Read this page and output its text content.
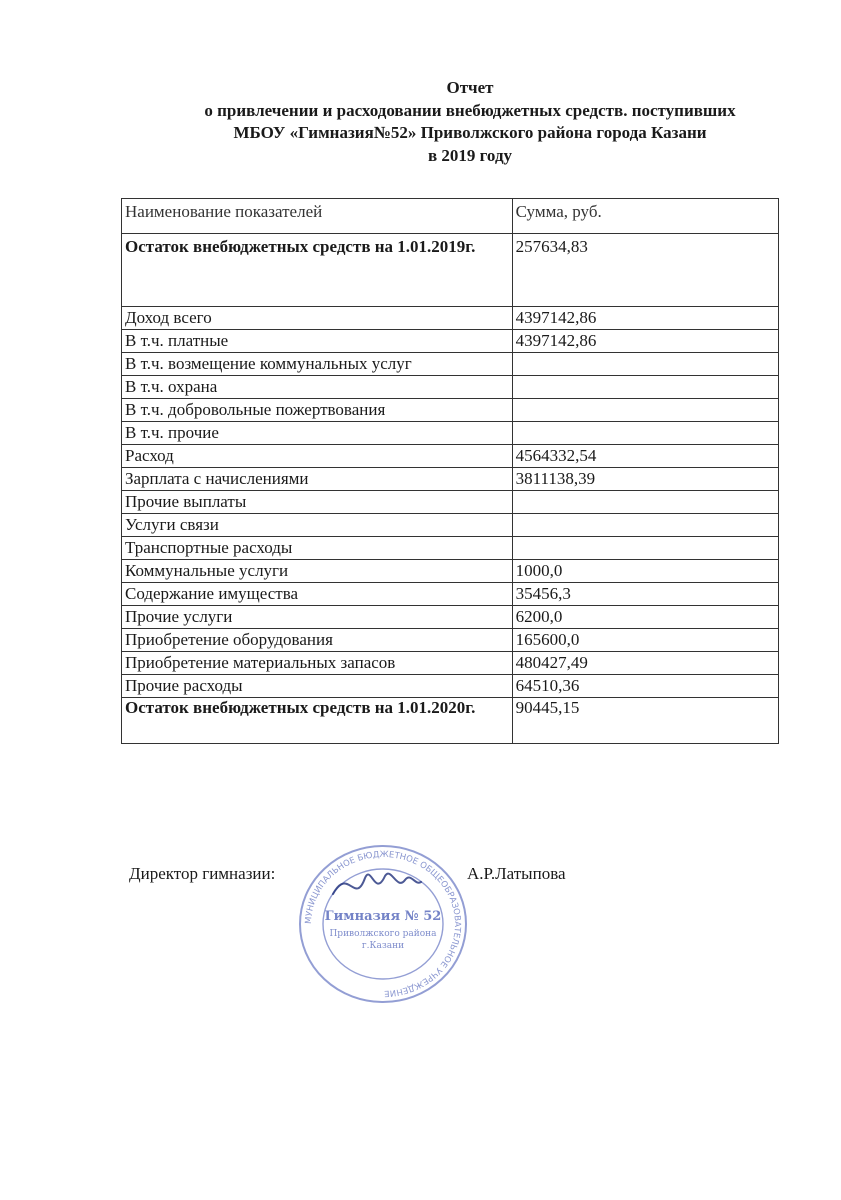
Отчет
о привлечении и расходовании внебюджетных средств. поступивших
МБОУ «Гимназия№52» Приволжского района города Казани
в 2019 году
Наименование показателей	Сумма, руб.
Остаток внебюджетных средств на 1.01.2019г.	257634,83
Доход всего	4397142,86
В т.ч. платные	4397142,86
В т.ч. возмещение коммунальных услуг	
В т.ч. охрана	
В т.ч. добровольные пожертвования	
В т.ч. прочие	
Расход	4564332,54
Зарплата с начислениями	3811138,39
Прочие выплаты	
Услуги связи	
Транспортные расходы	
Коммунальные услуги	1000,0
Содержание имущества	35456,3
Прочие услуги	6200,0
Приобретение оборудования	165600,0
Приобретение материальных запасов	480427,49
Прочие расходы	64510,36
Остаток внебюджетных средств на 1.01.2020г.	90445,15
Директор гимназии:	А.Р.Латыпова
МУНИЦИПАЛЬНОЕ БЮДЖЕТНОЕ ОБЩЕОБРАЗОВАТЕЛЬНОЕ УЧРЕЖДЕНИЕ
Гимназия № 52
Приволжского района
г.Казани
